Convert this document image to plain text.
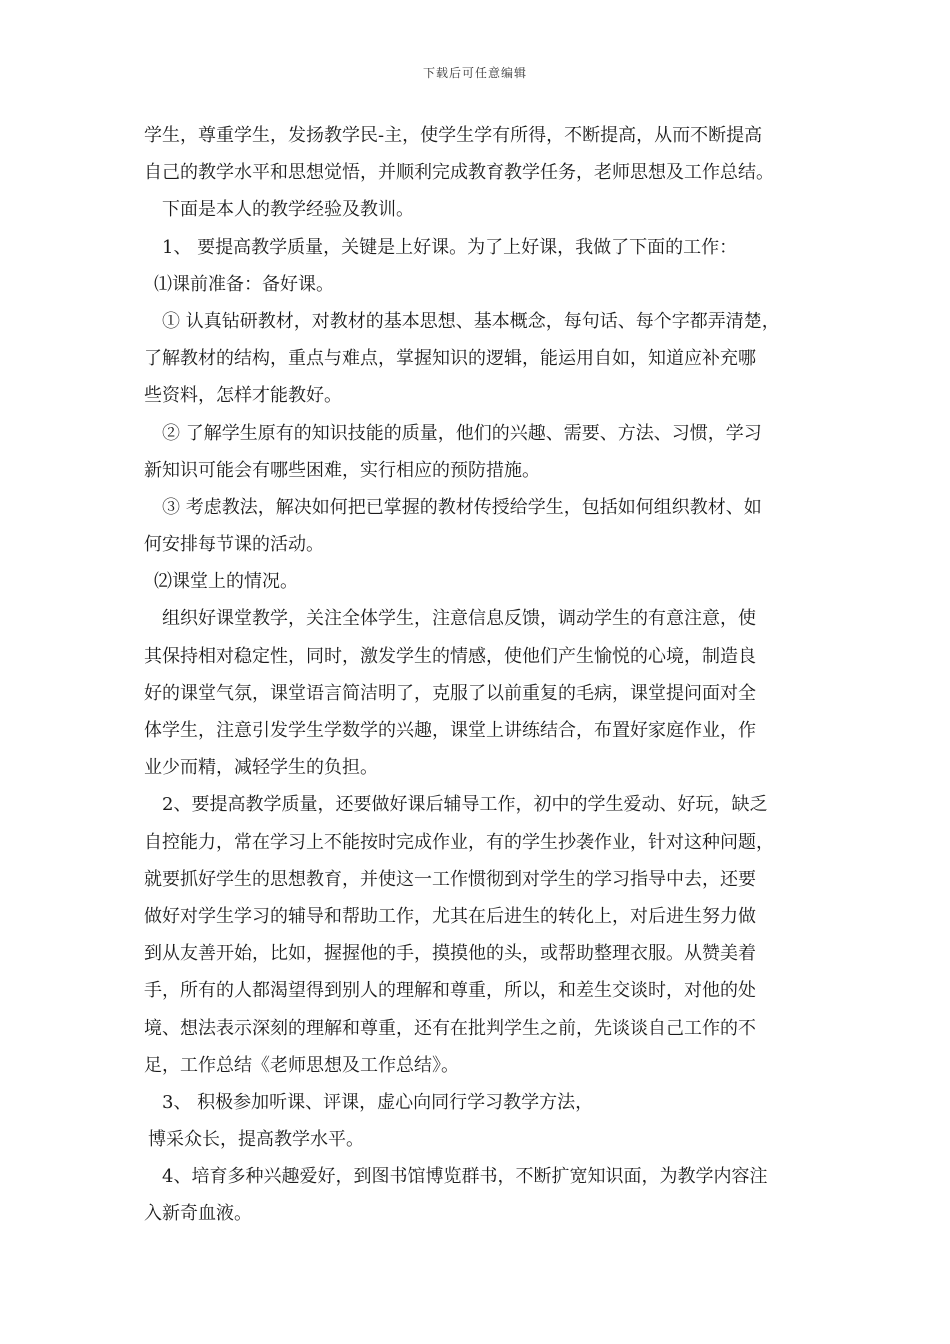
下载后可任意编辑
学生，尊重学生，发扬教学民-主，使学生学有所得，不断提高，从而不断提高
自己的教学水平和思想觉悟，并顺利完成教育教学任务，老师思想及工作总结。
下面是本人的教学经验及教训。
1、 要提高教学质量，关键是上好课。为了上好课，我做了下面的工作：
⑴课前准备：备好课。
① 认真钻研教材，对教材的基本思想、基本概念，每句话、每个字都弄清楚，
了解教材的结构，重点与难点，掌握知识的逻辑，能运用自如，知道应补充哪
些资料，怎样才能教好。
② 了解学生原有的知识技能的质量，他们的兴趣、需要、方法、习惯，学习
新知识可能会有哪些困难，实行相应的预防措施。
③ 考虑教法，解决如何把已掌握的教材传授给学生，包括如何组织教材、如
何安排每节课的活动。
⑵课堂上的情况。
组织好课堂教学，关注全体学生，注意信息反馈，调动学生的有意注意，使
其保持相对稳定性，同时，激发学生的情感，使他们产生愉悦的心境，制造良
好的课堂气氛，课堂语言简洁明了，克服了以前重复的毛病，课堂提问面对全
体学生，注意引发学生学数学的兴趣，课堂上讲练结合，布置好家庭作业，作
业少而精，减轻学生的负担。
2、要提高教学质量，还要做好课后辅导工作，初中的学生爱动、好玩，缺乏
自控能力，常在学习上不能按时完成作业，有的学生抄袭作业，针对这种问题，
就要抓好学生的思想教育，并使这一工作惯彻到对学生的学习指导中去，还要
做好对学生学习的辅导和帮助工作，尤其在后进生的转化上，对后进生努力做
到从友善开始，比如，握握他的手，摸摸他的头，或帮助整理衣服。从赞美着
手，所有的人都渴望得到别人的理解和尊重，所以，和差生交谈时，对他的处
境、想法表示深刻的理解和尊重，还有在批判学生之前，先谈谈自己工作的不
足，工作总结《老师思想及工作总结》。
3、 积极参加听课、评课，虚心向同行学习教学方法，
博采众长，提高教学水平。
4、培育多种兴趣爱好，到图书馆博览群书，不断扩宽知识面，为教学内容注
入新奇血液。
